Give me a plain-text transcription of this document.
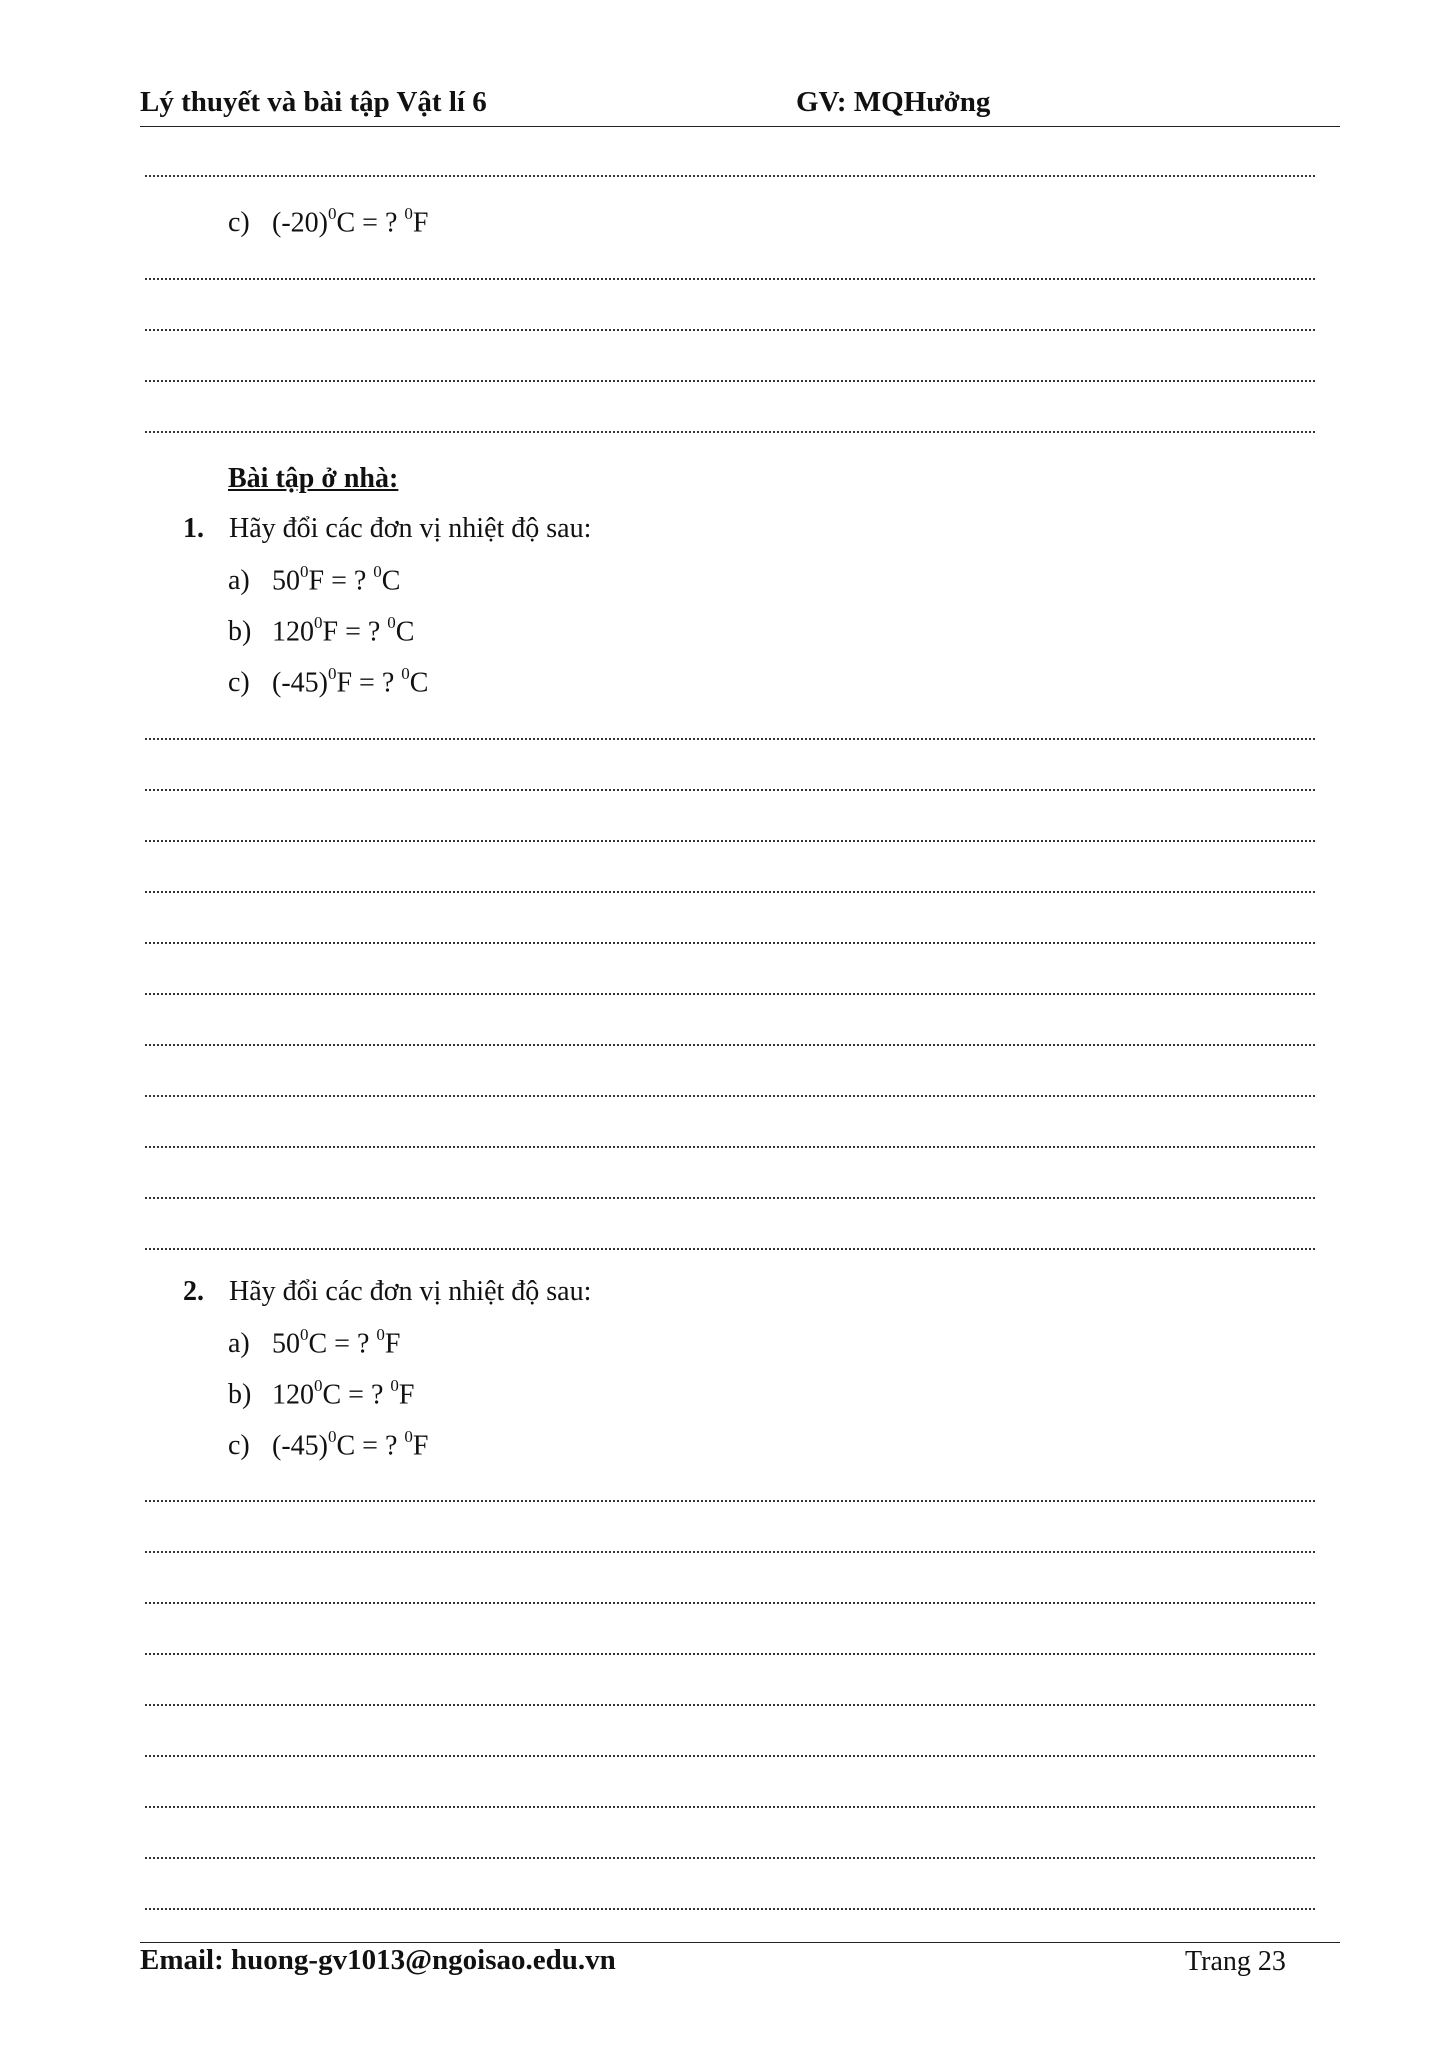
Lý thuyết và bài tập Vật lí 6	GV: MQHưởng
c) $(-20)^0C$ = ? $^0$F
Bài tập ở nhà:
1. Hãy đổi các đơn vị nhiệt độ sau:
a) $50^0F$ = ? $^0$C
b) $120^0F$ = ? $^0$C
c) $(-45)^0F$ = ? $^0$C
2. Hãy đổi các đơn vị nhiệt độ sau:
a) $50^0C$ = ? $^0$F
b) $120^0C$ = ? $^0$F
c) $(-45)^0C$ = ? $^0$F
Email: huong-gv1013@ngoisao.edu.vn	Trang 23
